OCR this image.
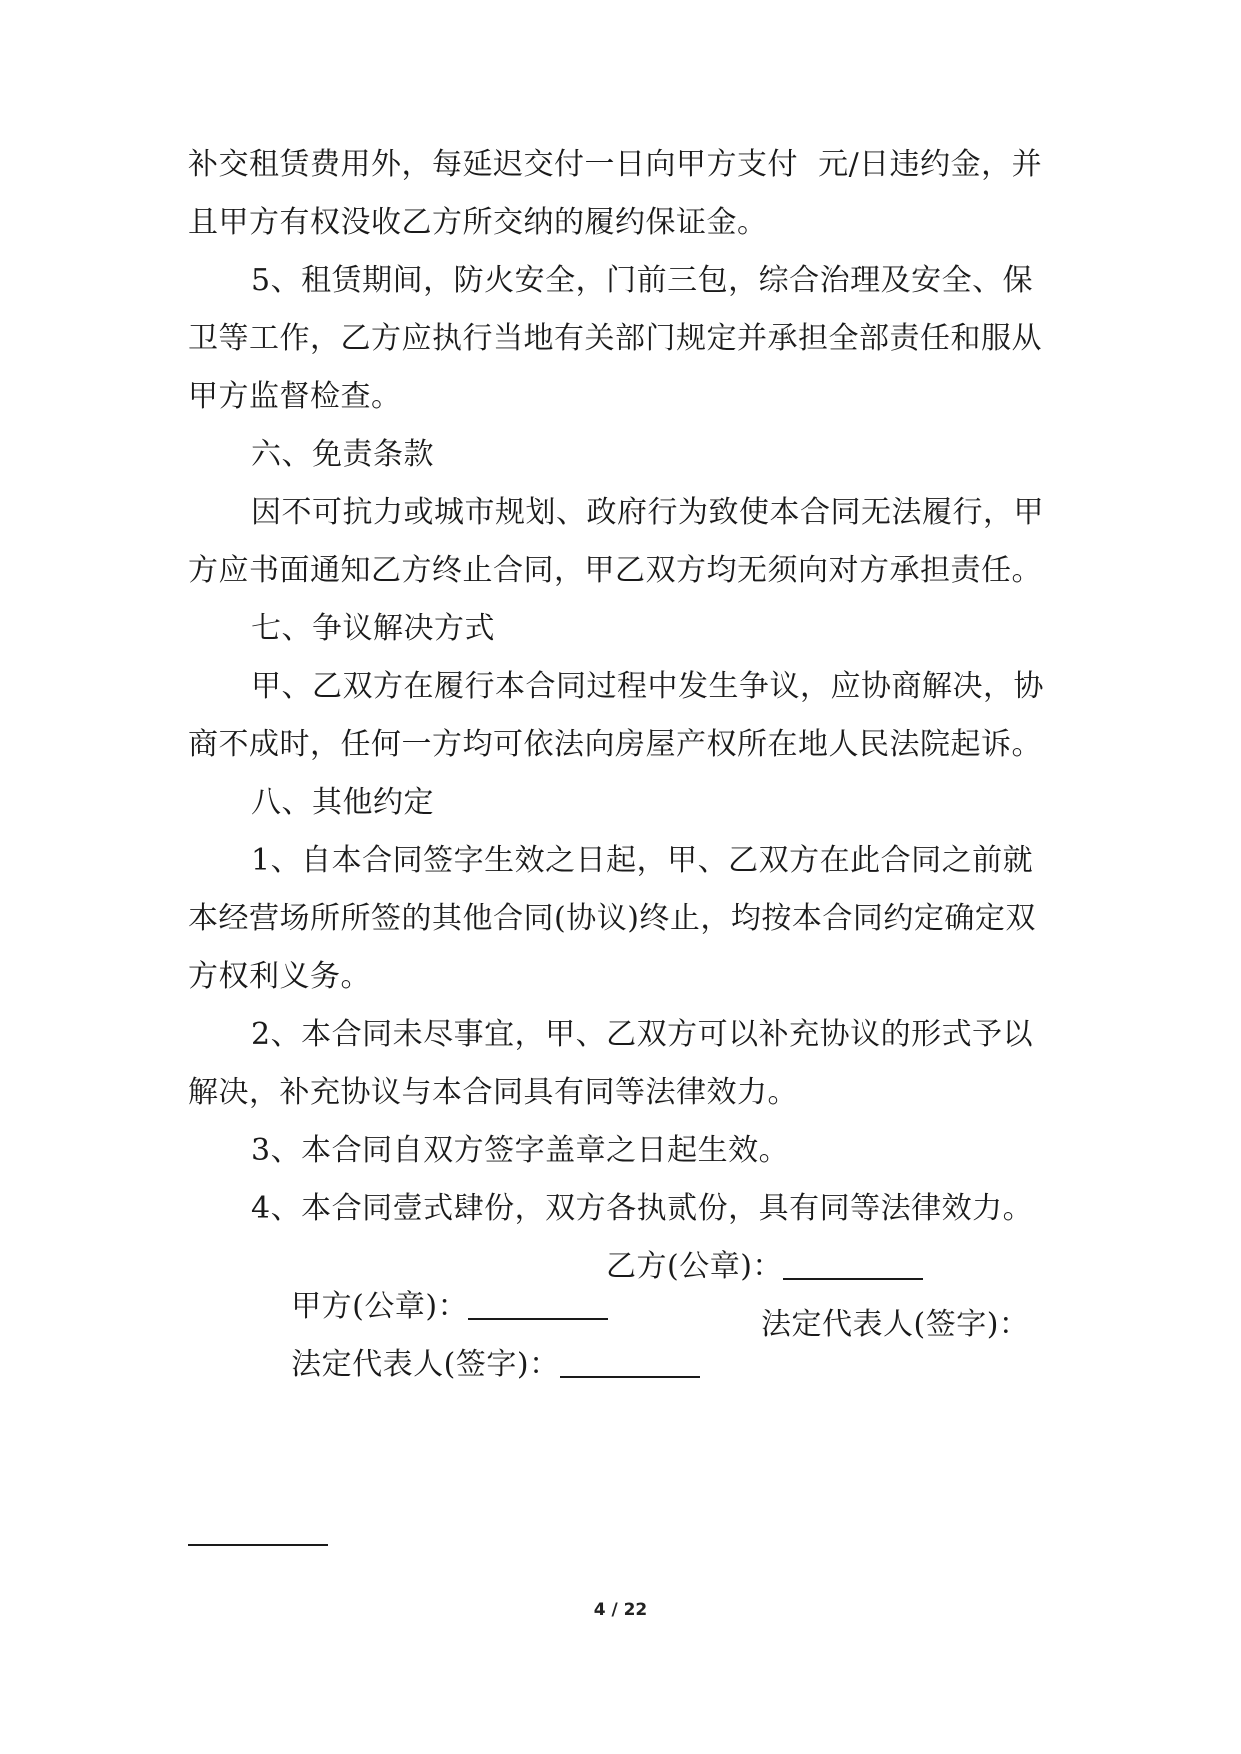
补交租赁费用外，每延迟交付一日向甲方支付  元/日违约金，并
且甲方有权没收乙方所交纳的履约保证金。
5、租赁期间，防火安全，门前三包，综合治理及安全、保
卫等工作，乙方应执行当地有关部门规定并承担全部责任和服从
甲方监督检查。
六、免责条款
因不可抗力或城市规划、政府行为致使本合同无法履行，甲
方应书面通知乙方终止合同，甲乙双方均无须向对方承担责任。
七、争议解决方式
甲、乙双方在履行本合同过程中发生争议，应协商解决，协
商不成时，任何一方均可依法向房屋产权所在地人民法院起诉。
八、其他约定
1、自本合同签字生效之日起，甲、乙双方在此合同之前就
本经营场所所签的其他合同(协议)终止，均按本合同约定确定双
方权利义务。
2、本合同未尽事宜，甲、乙双方可以补充协议的形式予以
解决，补充协议与本合同具有同等法律效力。
3、本合同自双方签字盖章之日起生效。
4、本合同壹式肆份，双方各执贰份，具有同等法律效力。

甲方(公章)：

乙方(公章)：

法定代表人(签字)：

法定代表人(签字)：

4 / 22
